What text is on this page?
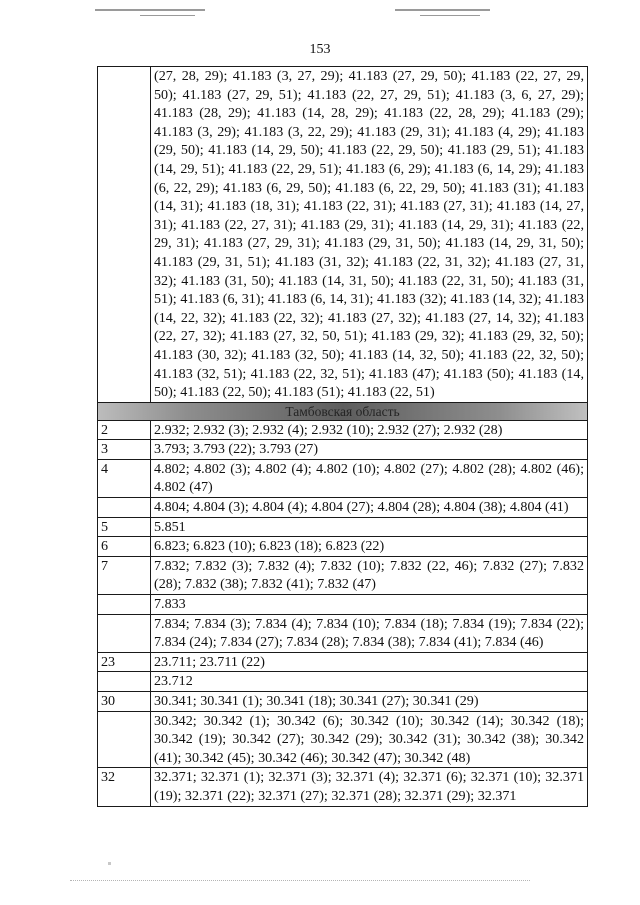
153
	(27, 28, 29); 41.183 (3, 27, 29); 41.183 (27, 29, 50); 41.183 (22, 27, 29, 50); 41.183 (27, 29, 51); 41.183 (22, 27, 29, 51); 41.183 (3, 6, 27, 29); 41.183 (28, 29); 41.183 (14, 28, 29); 41.183 (22, 28, 29); 41.183 (29); 41.183 (3, 29); 41.183 (3, 22, 29); 41.183 (29, 31); 41.183 (4, 29); 41.183 (29, 50); 41.183 (14, 29, 50); 41.183 (22, 29, 50); 41.183 (29, 51); 41.183 (14, 29, 51); 41.183 (22, 29, 51); 41.183 (6, 29); 41.183 (6, 14, 29); 41.183 (6, 22, 29); 41.183 (6, 29, 50); 41.183 (6, 22, 29, 50); 41.183 (31); 41.183 (14, 31); 41.183 (18, 31); 41.183 (22, 31); 41.183 (27, 31); 41.183 (14, 27, 31); 41.183 (22, 27, 31); 41.183 (29, 31); 41.183 (14, 29, 31); 41.183 (22, 29, 31); 41.183 (27, 29, 31); 41.183 (29, 31, 50); 41.183 (14, 29, 31, 50); 41.183 (29, 31, 51); 41.183 (31, 32); 41.183 (22, 31, 32); 41.183 (27, 31, 32); 41.183 (31, 50); 41.183 (14, 31, 50); 41.183 (22, 31, 50); 41.183 (31, 51); 41.183 (6, 31); 41.183 (6, 14, 31); 41.183 (32); 41.183 (14, 32); 41.183 (14, 22, 32); 41.183 (22, 32); 41.183 (27, 32); 41.183 (27, 14, 32); 41.183 (22, 27, 32); 41.183 (27, 32, 50, 51); 41.183 (29, 32); 41.183 (29, 32, 50); 41.183 (30, 32); 41.183 (32, 50); 41.183 (14, 32, 50); 41.183 (22, 32, 50); 41.183 (32, 51); 41.183 (22, 32, 51); 41.183 (47); 41.183 (50); 41.183 (14, 50); 41.183 (22, 50); 41.183 (51); 41.183 (22, 51)
Тамбовская область	
2	2.932; 2.932 (3); 2.932 (4); 2.932 (10); 2.932 (27); 2.932 (28)
3	3.793; 3.793 (22); 3.793 (27)
4	4.802; 4.802 (3); 4.802 (4); 4.802 (10); 4.802 (27); 4.802 (28); 4.802 (46); 4.802 (47)
	4.804; 4.804 (3); 4.804 (4); 4.804 (27); 4.804 (28); 4.804 (38); 4.804 (41)
5	5.851
6	6.823; 6.823 (10); 6.823 (18); 6.823 (22)
7	7.832; 7.832 (3); 7.832 (4); 7.832 (10); 7.832 (22, 46); 7.832 (27); 7.832 (28); 7.832 (38); 7.832 (41); 7.832 (47)
	7.833
	7.834; 7.834 (3); 7.834 (4); 7.834 (10); 7.834 (18); 7.834 (19); 7.834 (22); 7.834 (24); 7.834 (27); 7.834 (28); 7.834 (38); 7.834 (41); 7.834 (46)
23	23.711; 23.711 (22)
	23.712
30	30.341; 30.341 (1); 30.341 (18); 30.341 (27); 30.341 (29)
	30.342; 30.342 (1); 30.342 (6); 30.342 (10); 30.342 (14); 30.342 (18); 30.342 (19); 30.342 (27); 30.342 (29); 30.342 (31); 30.342 (38); 30.342 (41); 30.342 (45); 30.342 (46); 30.342 (47); 30.342 (48)
32	32.371; 32.371 (1); 32.371 (3); 32.371 (4); 32.371 (6); 32.371 (10); 32.371 (19); 32.371 (22); 32.371 (27); 32.371 (28); 32.371 (29); 32.371
